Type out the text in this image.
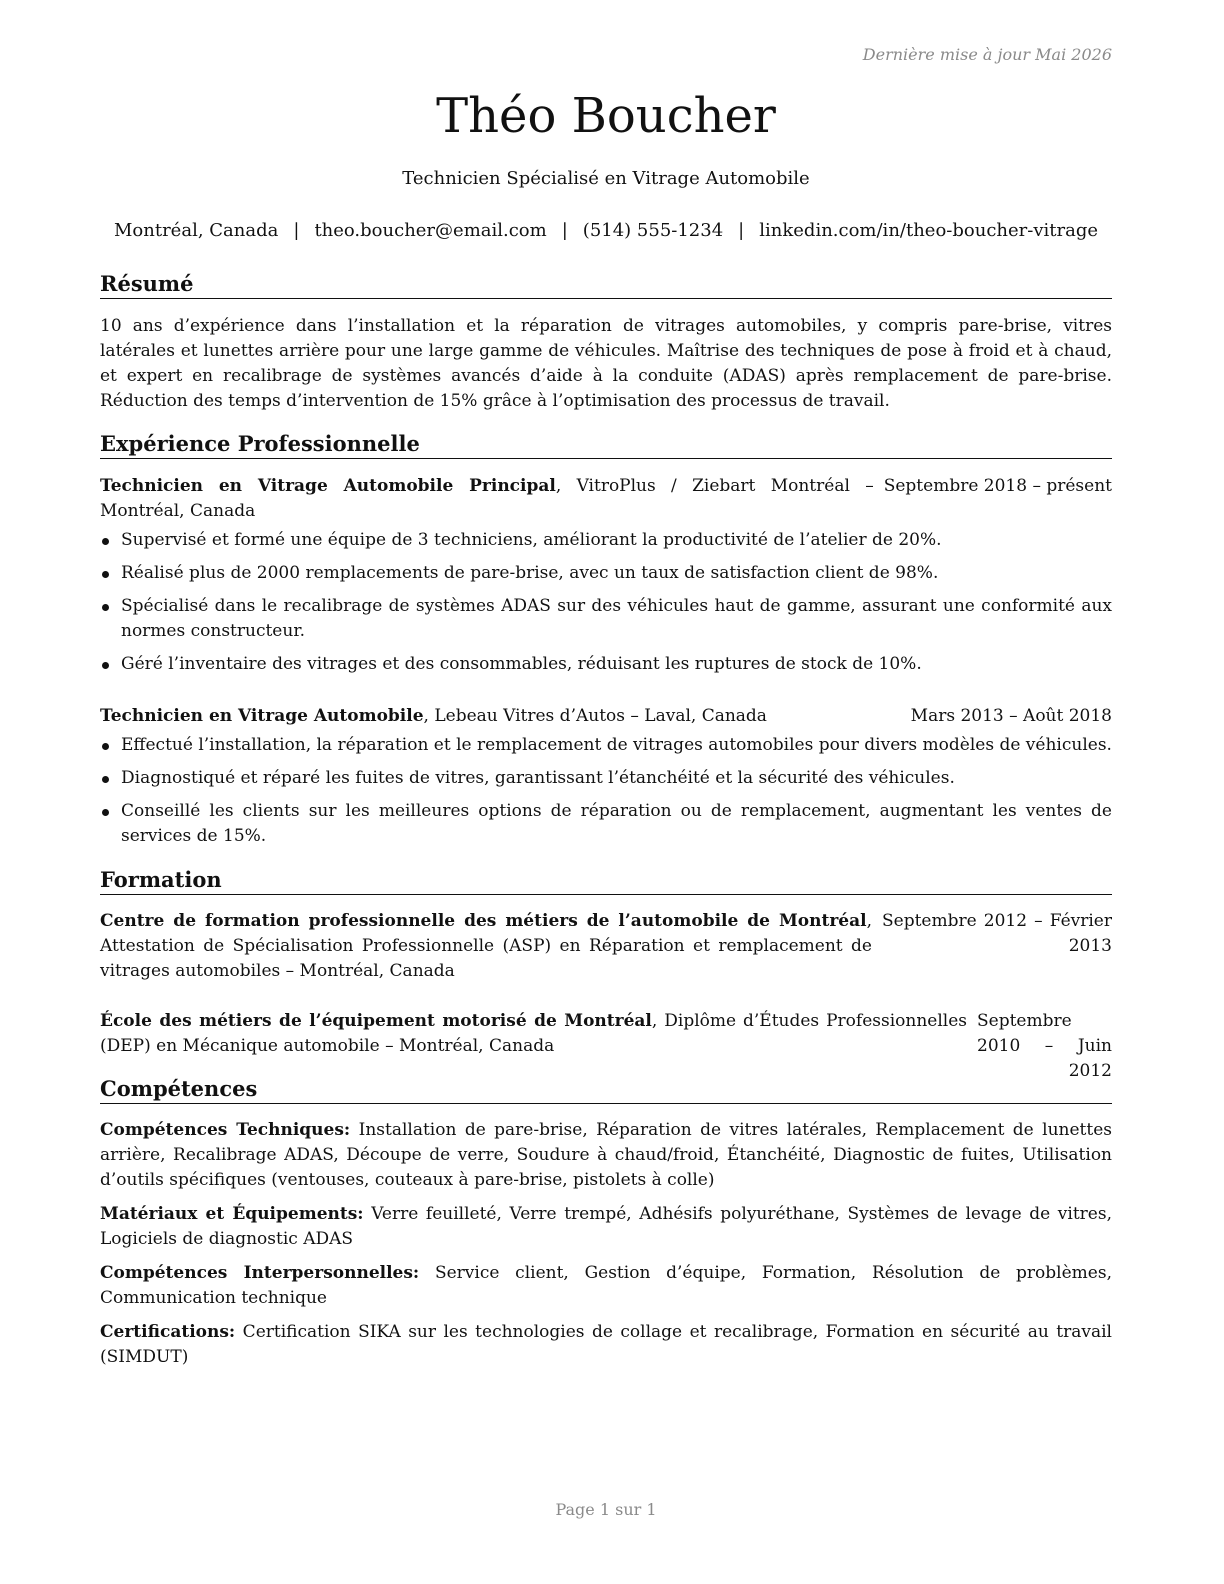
Dernière mise à jour Mai 2026
Théo Boucher
Technicien Spécialisé en Vitrage Automobile
Montréal, Canada | theo.boucher@email.com | (514) 555-1234 | linkedin.com/in/theo-boucher-vitrage
Résumé
10 ans d’expérience dans l’installation et la réparation de vitrages automobiles, y compris pare-brise, vitres latérales et lunettes arrière pour une large gamme de véhicules. Maîtrise des techniques de pose à froid et à chaud, et expert en recalibrage de systèmes avancés d’aide à la conduite (ADAS) après remplacement de pare-brise. Réduction des temps d’intervention de 15% grâce à l’optimisation des processus de travail.
Expérience Professionnelle
Technicien en Vitrage Automobile Principal, VitroPlus / Ziebart Montréal – Montréal, Canada
Septembre 2018 – présent
Supervisé et formé une équipe de 3 techniciens, améliorant la productivité de l’atelier de 20%.
Réalisé plus de 2000 remplacements de pare-brise, avec un taux de satisfaction client de 98%.
Spécialisé dans le recalibrage de systèmes ADAS sur des véhicules haut de gamme, assurant une conformité aux normes constructeur.
Géré l’inventaire des vitrages et des consommables, réduisant les ruptures de stock de 10%.
Technicien en Vitrage Automobile, Lebeau Vitres d’Autos – Laval, Canada	Mars 2013 – Août 2018
Effectué l’installation, la réparation et le remplacement de vitrages automobiles pour divers modèles de véhicules.
Diagnostiqué et réparé les fuites de vitres, garantissant l’étanchéité et la sécurité des véhicules.
Conseillé les clients sur les meilleures options de réparation ou de remplacement, augmentant les ventes de services de 15%.
Formation
Centre de formation professionnelle des métiers de l’automobile de Montréal, Attestation de Spécialisation Professionnelle (ASP) en Réparation et remplacement de vitrages automobiles – Montréal, Canada
Septembre 2012 – Février
2013
École des métiers de l’équipement motorisé de Montréal, Diplôme d’Études Professionnelles (DEP) en Mécanique automobile – Montréal, Canada
Septembre 2010 – Juin
2012
Compétences
Compétences Techniques: Installation de pare-brise, Réparation de vitres latérales, Remplacement de lunettes arrière, Recalibrage ADAS, Découpe de verre, Soudure à chaud/froid, Étanchéité, Diagnostic de fuites, Utilisation d’outils spécifiques (ventouses, couteaux à pare-brise, pistolets à colle)
Matériaux et Équipements: Verre feuilleté, Verre trempé, Adhésifs polyuréthane, Systèmes de levage de vitres, Logiciels de diagnostic ADAS
Compétences Interpersonnelles: Service client, Gestion d’équipe, Formation, Résolution de problèmes, Communication technique
Certifications: Certification SIKA sur les technologies de collage et recalibrage, Formation en sécurité au travail (SIMDUT)
Page 1 sur 1
